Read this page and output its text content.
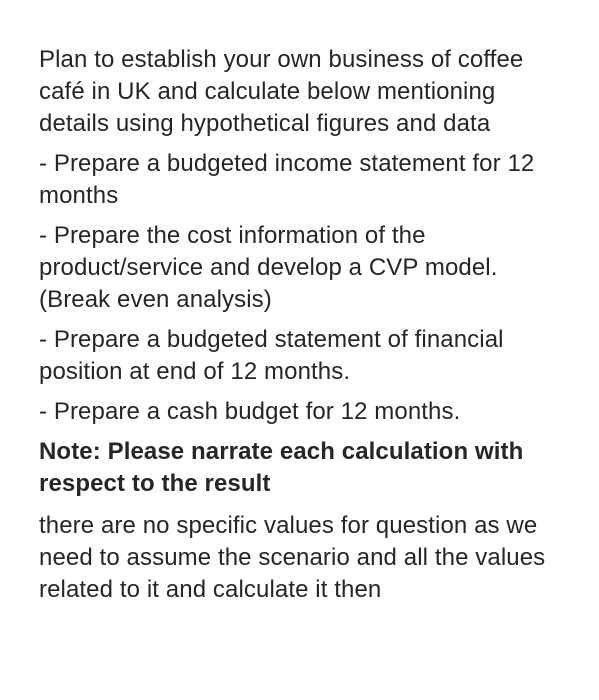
Plan to establish your own business of coffee café in UK and calculate below mentioning details using hypothetical figures and data
- Prepare a budgeted income statement for 12 months
- Prepare the cost information of the product/service and develop a CVP model. (Break even analysis)
- Prepare a budgeted statement of financial position at end of 12 months.
- Prepare a cash budget for 12 months.
Note: Please narrate each calculation with respect to the result
there are no specific values for question as we need to assume the scenario and all the values related to it and calculate it then
